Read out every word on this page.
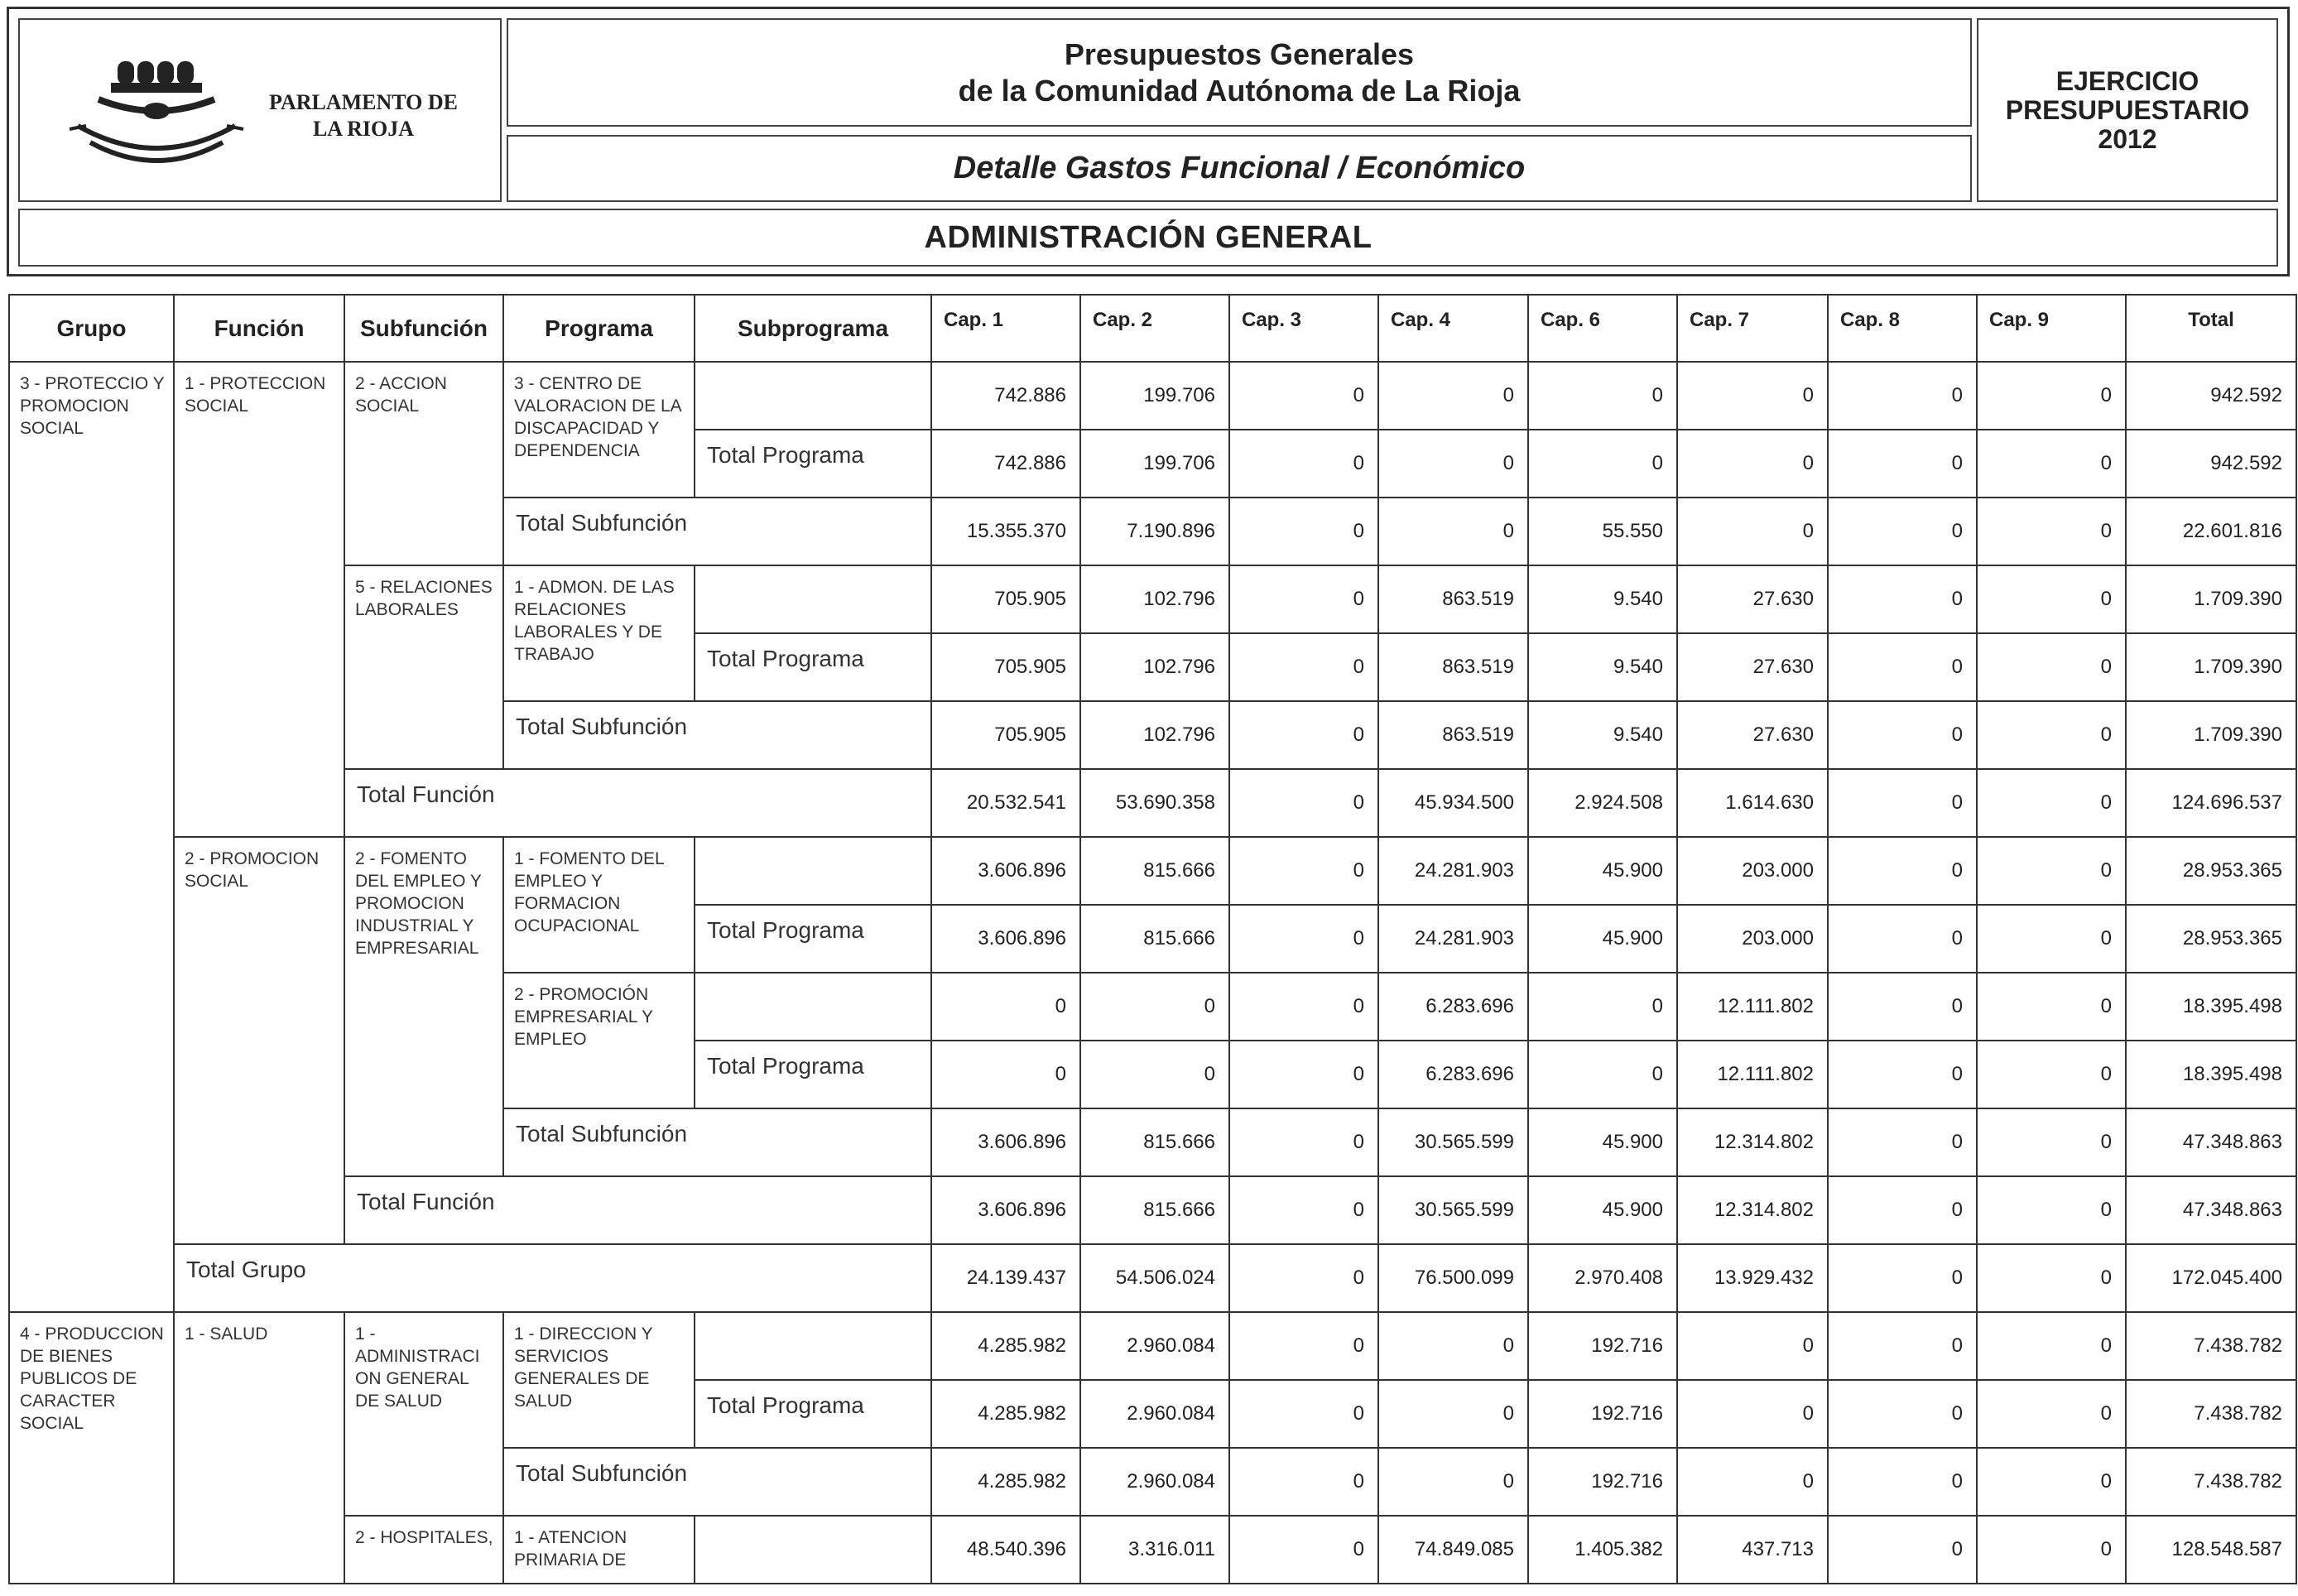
PARLAMENTO DE
LA RIOJA
Presupuestos Generales
de la Comunidad Autónoma de La Rioja
Detalle Gastos Funcional / Económico
EJERCICIO
PRESUPUESTARIO
2012
ADMINISTRACIÓN GENERAL
Grupo	Función	Subfunción	Programa	Subprograma	Cap. 1	Cap. 2	Cap. 3	Cap. 4	Cap. 6	Cap. 7	Cap. 8	Cap. 9	Total
3 - PROTECCIO Y PROMOCION SOCIAL	1 - PROTECCION SOCIAL	2 - ACCION SOCIAL	3 - CENTRO DE VALORACION DE LA DISCAPACIDAD Y DEPENDENCIA		742.886	199.706	0	0	0	0	0	0	942.592
				Total Programa	742.886	199.706	0	0	0	0	0	0	942.592
			Total Subfunción		15.355.370	7.190.896	0	0	55.550	0	0	0	22.601.816
		5 - RELACIONES LABORALES	1 - ADMON. DE LAS RELACIONES LABORALES Y DE TRABAJO		705.905	102.796	0	863.519	9.540	27.630	0	0	1.709.390
				Total Programa	705.905	102.796	0	863.519	9.540	27.630	0	0	1.709.390
			Total Subfunción		705.905	102.796	0	863.519	9.540	27.630	0	0	1.709.390
		Total Función			20.532.541	53.690.358	0	45.934.500	2.924.508	1.614.630	0	0	124.696.537
	2 - PROMOCION SOCIAL	2 - FOMENTO DEL EMPLEO Y PROMOCION INDUSTRIAL Y EMPRESARIAL	1 - FOMENTO DEL EMPLEO Y FORMACION OCUPACIONAL		3.606.896	815.666	0	24.281.903	45.900	203.000	0	0	28.953.365
				Total Programa	3.606.896	815.666	0	24.281.903	45.900	203.000	0	0	28.953.365
			2 - PROMOCIÓN EMPRESARIAL Y EMPLEO		0	0	0	6.283.696	0	12.111.802	0	0	18.395.498
				Total Programa	0	0	0	6.283.696	0	12.111.802	0	0	18.395.498
			Total Subfunción		3.606.896	815.666	0	30.565.599	45.900	12.314.802	0	0	47.348.863
		Total Función			3.606.896	815.666	0	30.565.599	45.900	12.314.802	0	0	47.348.863
	Total Grupo				24.139.437	54.506.024	0	76.500.099	2.970.408	13.929.432	0	0	172.045.400
4 - PRODUCCION DE BIENES PUBLICOS DE CARACTER SOCIAL	1 - SALUD	1 - ADMINISTRACI ON GENERAL DE SALUD	1 - DIRECCION Y SERVICIOS GENERALES DE SALUD		4.285.982	2.960.084	0	0	192.716	0	0	0	7.438.782
				Total Programa	4.285.982	2.960.084	0	0	192.716	0	0	0	7.438.782
			Total Subfunción		4.285.982	2.960.084	0	0	192.716	0	0	0	7.438.782
		2 - HOSPITALES,	1 - ATENCION PRIMARIA DE		48.540.396	3.316.011	0	74.849.085	1.405.382	437.713	0	0	128.548.587
